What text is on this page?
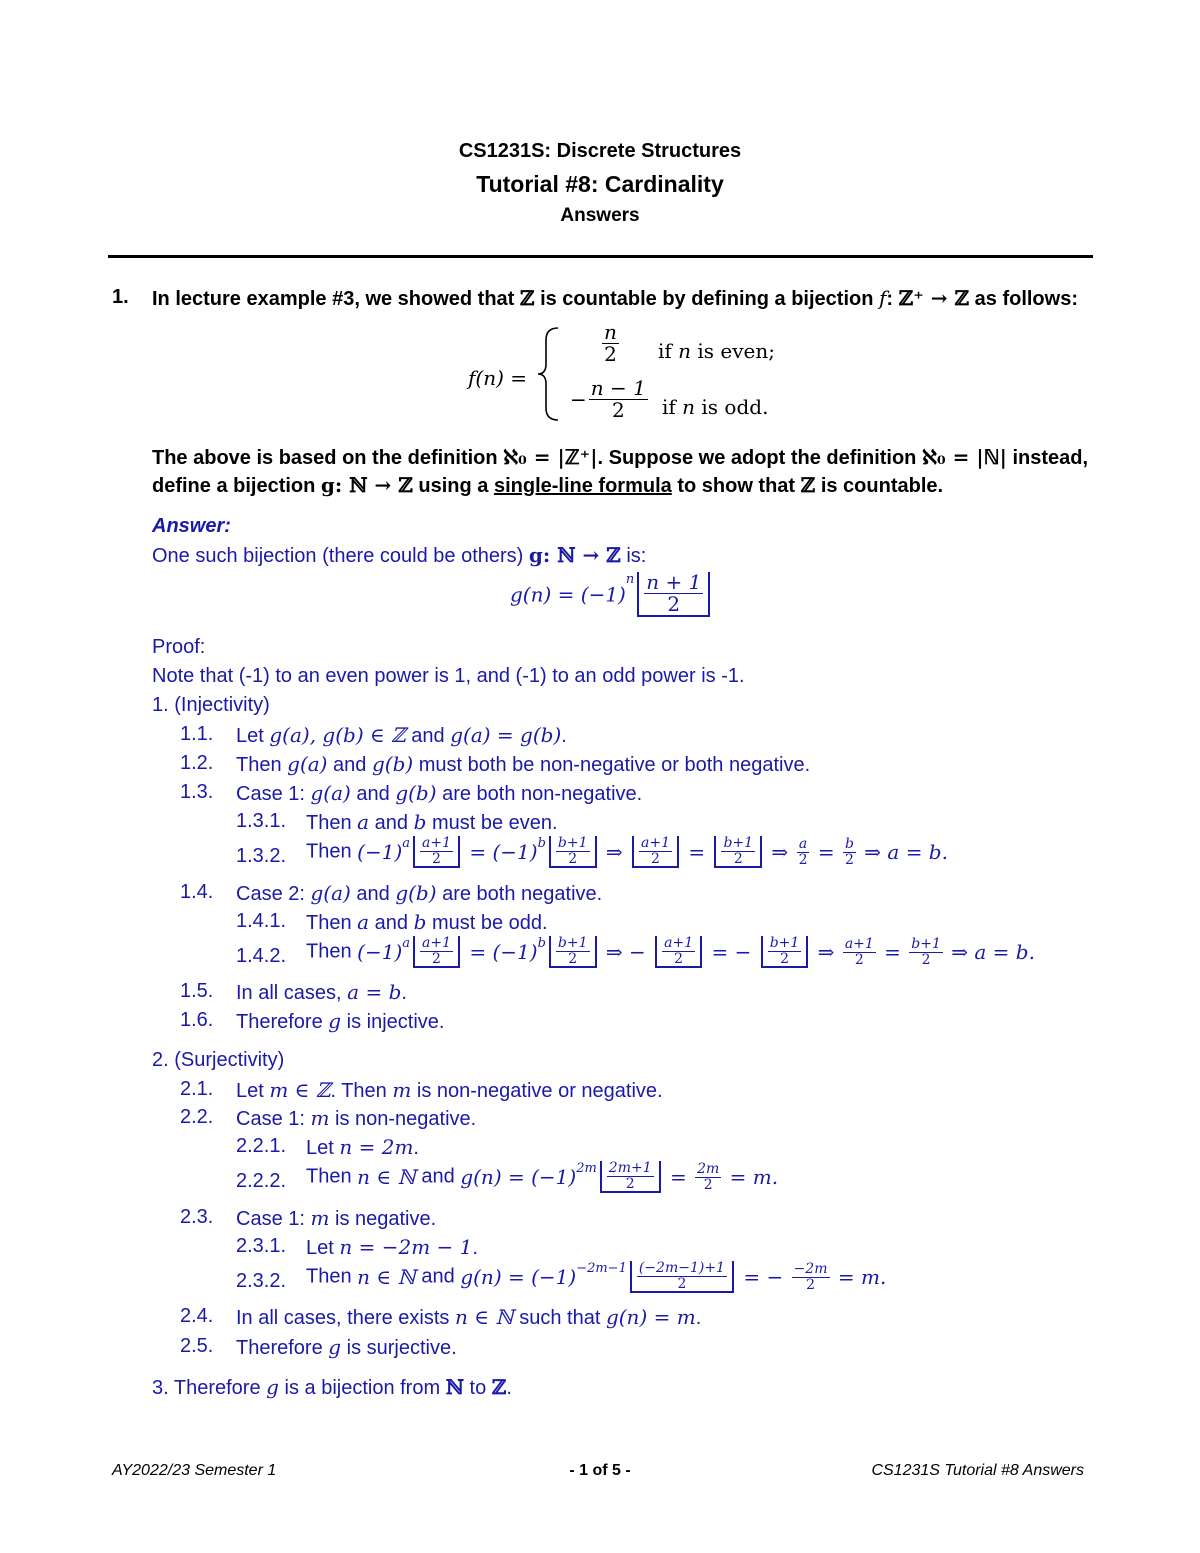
CS1231S: Discrete Structures
Tutorial #8: Cardinality
Answers
1. In lecture example #3, we showed that ℤ is countable by defining a bijection f: ℤ⁺ → ℤ as follows:
f(n) =
$\frac{n}{2}$ if n is even;
− $\frac{n - 1}{2}$ if n is odd.
The above is based on the definition ℵ₀ = |ℤ⁺|. Suppose we adopt the definition ℵ₀ = |ℕ| instead,
define a bijection g: ℕ → ℤ using a single-line formula to show that ℤ is countable.
Answer:
One such bijection (there could be others) g: ℕ → ℤ is:
$g(n) = (-1)^n \frac{n + 1}{2}$
Proof:
Note that (-1) to an even power is 1, and (-1) to an odd power is -1.
1. (Injectivity)
1.1. Let g(a), g(b) ∈ ℤ and g(a) = g(b).
1.2. Then g(a) and g(b) must both be non-negative or both negative.
1.3. Case 1: g(a) and g(b) are both non-negative.
1.3.1. Then a and b must be even.
1.3.2. Then $(-1)^a \frac{a+1}{2} = (-1)^b \frac{b+1}{2}$ ⇒ $\frac{a+1}{2} = \frac{b+1}{2}$ ⇒ $\frac{a}{2} = \frac{b}{2}$ ⇒ a = b.
1.4. Case 2: g(a) and g(b) are both negative.
1.4.1. Then a and b must be odd.
1.4.2. Then $(-1)^a \frac{a+1}{2} = (-1)^b \frac{b+1}{2}$ ⇒ − $\frac{a+1}{2}$ = − $\frac{b+1}{2}$ ⇒ $\frac{a+1}{2} = \frac{b+1}{2}$ ⇒ a = b.
1.5. In all cases, a = b.
1.6. Therefore g is injective.
2. (Surjectivity)
2.1. Let m ∈ ℤ. Then m is non-negative or negative.
2.2. Case 1: m is non-negative.
2.2.1. Let n = 2m.
2.2.2. Then n ∈ ℕ and $g(n) = (-1)^{2m} \frac{2m+1}{2} = \frac{2m}{2} = m$.
2.3. Case 1: m is negative.
2.3.1. Let n = −2m − 1.
2.3.2. Then n ∈ ℕ and $g(n) = (-1)^{-2m-1} \frac{(-2m-1)+1}{2}$ = − $\frac{-2m}{2} = m$.
2.4. In all cases, there exists n ∈ ℕ such that g(n) = m.
2.5. Therefore g is surjective.
3. Therefore g is a bijection from ℕ to ℤ.
AY2022/23 Semester 1	- 1 of 5 -	CS1231S Tutorial #8 Answers
